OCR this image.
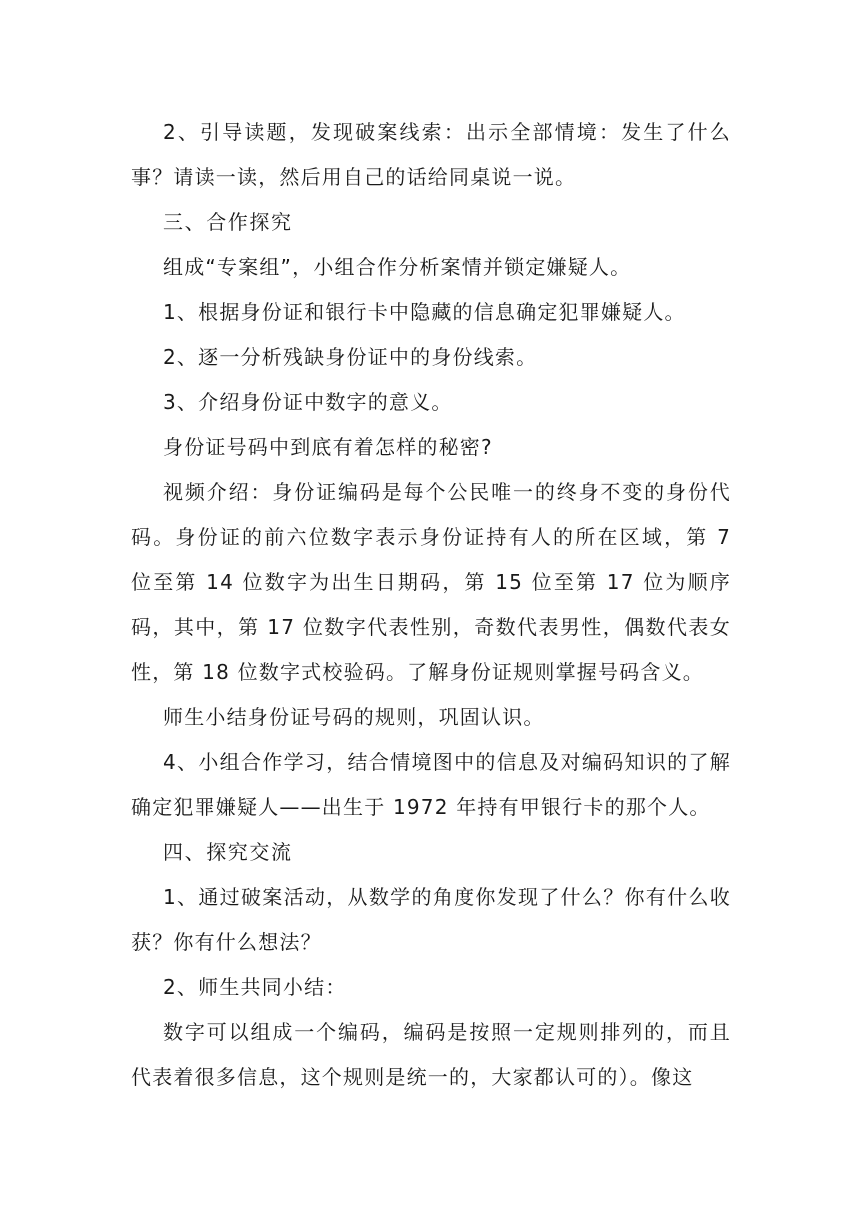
2、引导读题，发现破案线索：出示全部情境：发生了什么事？请读一读，然后用自己的话给同桌说一说。

三、合作探究

组成“专案组”，小组合作分析案情并锁定嫌疑人。

1、根据身份证和银行卡中隐藏的信息确定犯罪嫌疑人。

2、逐一分析残缺身份证中的身份线索。

3、介绍身份证中数字的意义。

身份证号码中到底有着怎样的秘密?

视频介绍：身份证编码是每个公民唯一的终身不变的身份代码。身份证的前六位数字表示身份证持有人的所在区域，第 7 位至第 14 位数字为出生日期码，第 15 位至第 17 位为顺序码，其中，第 17 位数字代表性别，奇数代表男性，偶数代表女性，第 18 位数字式校验码。了解身份证规则掌握号码含义。

师生小结身份证号码的规则，巩固认识。

4、小组合作学习，结合情境图中的信息及对编码知识的了解确定犯罪嫌疑人——出生于 1972 年持有甲银行卡的那个人。

四、探究交流

1、通过破案活动，从数学的角度你发现了什么？你有什么收获？你有什么想法？

2、师生共同小结：

数字可以组成一个编码，编码是按照一定规则排列的，而且代表着很多信息，这个规则是统一的，大家都认可的）。像这
